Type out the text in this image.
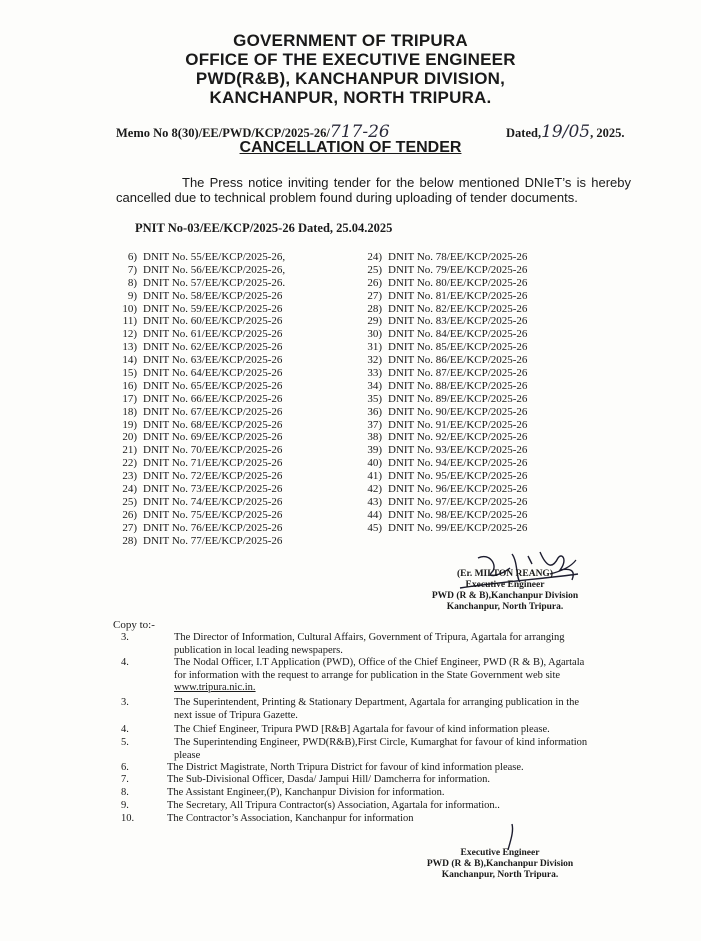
GOVERNMENT OF TRIPURA
OFFICE OF THE EXECUTIVE ENGINEER
PWD(R&B), KANCHANPUR DIVISION,
KANCHANPUR, NORTH TRIPURA.
Memo No 8(30)/EE/PWD/KCP/2025-26/717-26	Dated,19/05, 2025.
CANCELLATION OF TENDER
The Press notice inviting tender for the below mentioned DNIeT’s is hereby cancelled due to technical problem found during uploading of tender documents.
PNIT No-03/EE/KCP/2025-26 Dated, 25.04.2025
6) DNIT No. 55/EE/KCP/2025-26,
7) DNIT No. 56/EE/KCP/2025-26,
8) DNIT No. 57/EE/KCP/2025-26.
9) DNIT No. 58/EE/KCP/2025-26
10) DNIT No. 59/EE/KCP/2025-26
11) DNIT No. 60/EE/KCP/2025-26
12) DNIT No. 61/EE/KCP/2025-26
13) DNIT No. 62/EE/KCP/2025-26
14) DNIT No. 63/EE/KCP/2025-26
15) DNIT No. 64/EE/KCP/2025-26
16) DNIT No. 65/EE/KCP/2025-26
17) DNIT No. 66/EE/KCP/2025-26
18) DNIT No. 67/EE/KCP/2025-26
19) DNIT No. 68/EE/KCP/2025-26
20) DNIT No. 69/EE/KCP/2025-26
21) DNIT No. 70/EE/KCP/2025-26
22) DNIT No. 71/EE/KCP/2025-26
23) DNIT No. 72/EE/KCP/2025-26
24) DNIT No. 73/EE/KCP/2025-26
25) DNIT No. 74/EE/KCP/2025-26
26) DNIT No. 75/EE/KCP/2025-26
27) DNIT No. 76/EE/KCP/2025-26
28) DNIT No. 77/EE/KCP/2025-26
24) DNIT No. 78/EE/KCP/2025-26
25) DNIT No. 79/EE/KCP/2025-26
26) DNIT No. 80/EE/KCP/2025-26
27) DNIT No. 81/EE/KCP/2025-26
28) DNIT No. 82/EE/KCP/2025-26
29) DNIT No. 83/EE/KCP/2025-26
30) DNIT No. 84/EE/KCP/2025-26
31) DNIT No. 85/EE/KCP/2025-26
32) DNIT No. 86/EE/KCP/2025-26
33) DNIT No. 87/EE/KCP/2025-26
34) DNIT No. 88/EE/KCP/2025-26
35) DNIT No. 89/EE/KCP/2025-26
36) DNIT No. 90/EE/KCP/2025-26
37) DNIT No. 91/EE/KCP/2025-26
38) DNIT No. 92/EE/KCP/2025-26
39) DNIT No. 93/EE/KCP/2025-26
40) DNIT No. 94/EE/KCP/2025-26
41) DNIT No. 95/EE/KCP/2025-26
42) DNIT No. 96/EE/KCP/2025-26
43) DNIT No. 97/EE/KCP/2025-26
44) DNIT No. 98/EE/KCP/2025-26
45) DNIT No. 99/EE/KCP/2025-26
(Er. MILTON REANG)
Executive Engineer
PWD (R & B),Kanchanpur Division
Kanchanpur, North Tripura.
Copy to:-
3.	The Director of Information, Cultural Affairs, Government of Tripura, Agartala for arranging
publication in local leading newspapers.
4.	The Nodal Officer, I.T Application (PWD), Office of the Chief Engineer, PWD (R & B), Agartala
for information with the request to arrange for publication in the State Government web site
www.tripura.nic.in.
3.	The Superintendent, Printing & Stationary Department, Agartala for arranging publication in the
next issue of Tripura Gazette.
4.	The Chief Engineer, Tripura PWD [R&B] Agartala for favour of kind information please.
5.	The Superintending Engineer, PWD(R&B),First Circle, Kumarghat for favour of kind information
please
6.	The District Magistrate, North Tripura District for favour of kind information please.
7.	The Sub-Divisional Officer, Dasda/ Jampui Hill/ Damcherra for information.
8.	The Assistant Engineer,(P), Kanchanpur Division for information.
9.	The Secretary, All Tripura Contractor(s) Association, Agartala for information..
10.	The Contractor’s Association, Kanchanpur for information
Executive Engineer
PWD (R & B),Kanchanpur Division
Kanchanpur, North Tripura.
